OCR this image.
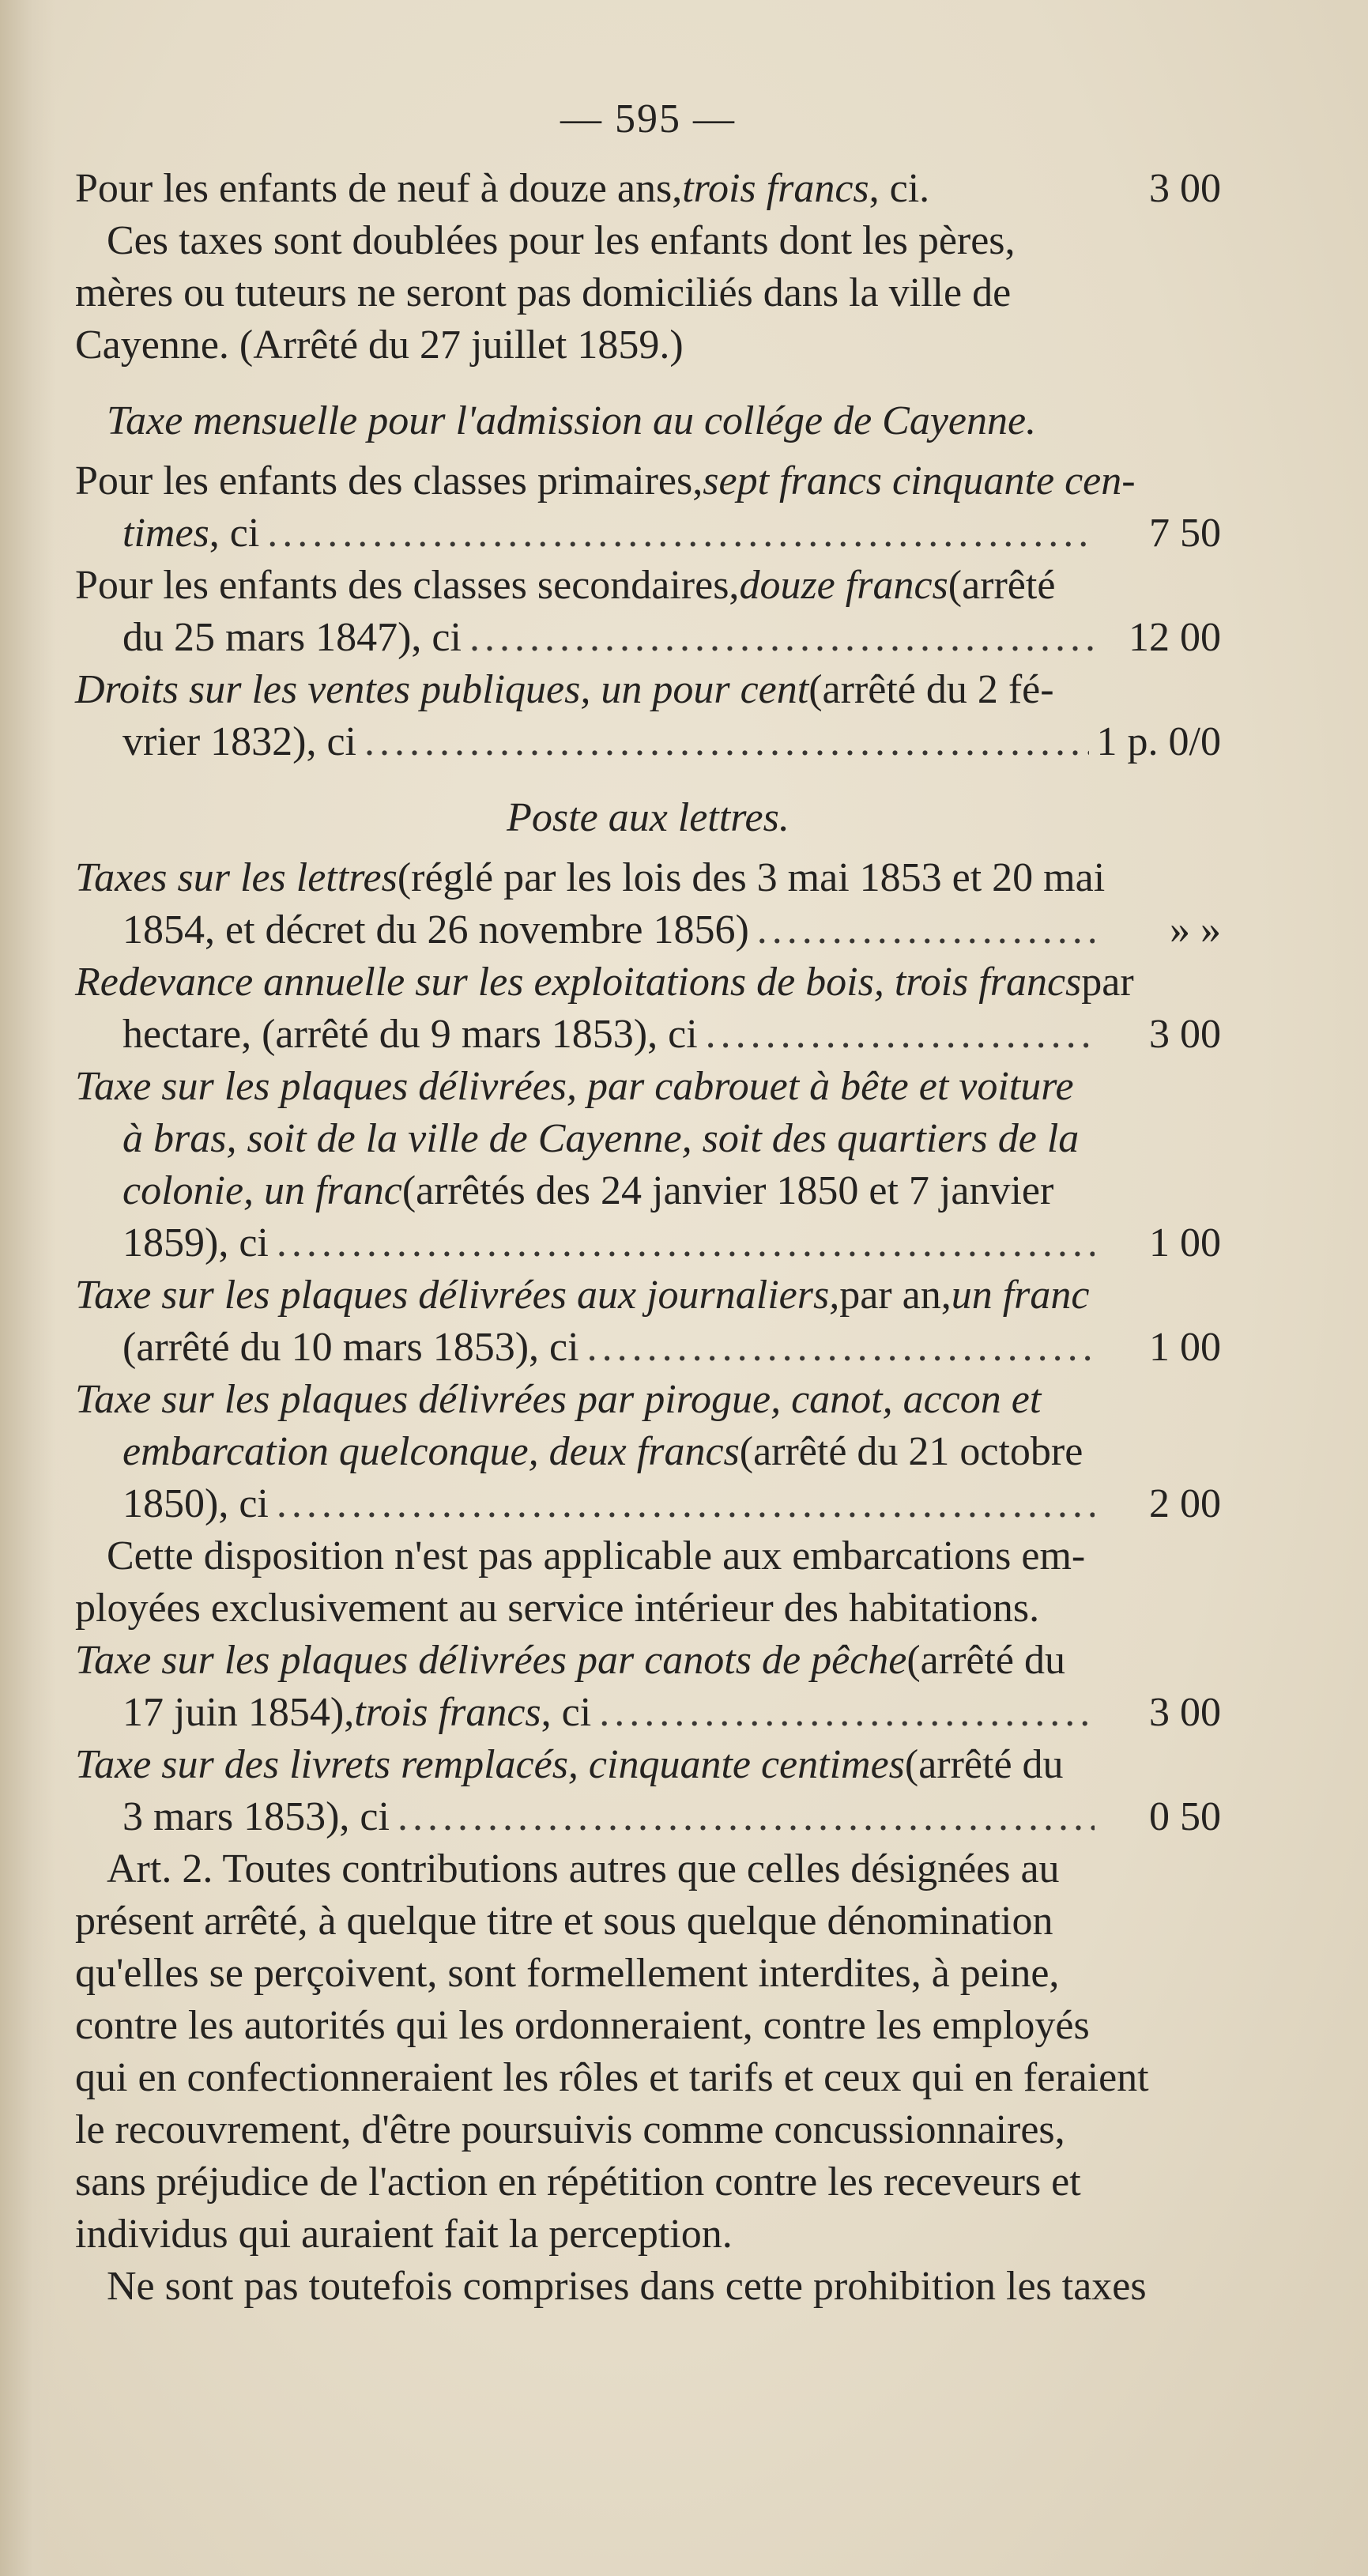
— 595 —
Pour les enfants de neuf à douze ans, trois francs , ci.	3 00
Ces taxes sont doublées pour les enfants dont les pères,
mères ou tuteurs ne seront pas domiciliés dans la ville de
Cayenne. (Arrêté du 27 juillet 1859.)
Taxe mensuelle pour l'admission au collége de Cayenne.
Pour les enfants des classes primaires, sept francs cinquante cen-
times , ci .....	7 50
Pour les enfants des classes secondaires, douze francs (arrêté
du 25 mars 1847), ci .....	12 00
Droits sur les ventes publiques, un pour cent (arrêté du 2 fé-
vrier 1832), ci .....	1 p. 0/0
Poste aux lettres.
Taxes sur les lettres (réglé par les lois des 3 mai 1853 et 20 mai
1854, et décret du 26 novembre 1856) .....	» »
Redevance annuelle sur les exploitations de bois, trois francs par
hectare, (arrêté du 9 mars 1853), ci .....	3 00
Taxe sur les plaques délivrées, par cabrouet à bête et voiture
à bras, soit de la ville de Cayenne, soit des quartiers de la
colonie, un franc (arrêtés des 24 janvier 1850 et 7 janvier
1859), ci .....	1 00
Taxe sur les plaques délivrées aux journaliers, par an, un franc
(arrêté du 10 mars 1853), ci .....	1 00
Taxe sur les plaques délivrées par pirogue, canot, accon et
embarcation quelconque, deux francs (arrêté du 21 octobre
1850), ci .....	2 00
Cette disposition n'est pas applicable aux embarcations em-
ployées exclusivement au service intérieur des habitations.
Taxe sur les plaques délivrées par canots de pêche (arrêté du
17 juin 1854), trois francs , ci .....	3 00
Taxe sur des livrets remplacés, cinquante centimes (arrêté du
3 mars 1853), ci .....	0 50
Art. 2. Toutes contributions autres que celles désignées au
présent arrêté, à quelque titre et sous quelque dénomination
qu'elles se perçoivent, sont formellement interdites, à peine,
contre les autorités qui les ordonneraient, contre les employés
qui en confectionneraient les rôles et tarifs et ceux qui en feraient
le recouvrement, d'être poursuivis comme concussionnaires,
sans préjudice de l'action en répétition contre les receveurs et
individus qui auraient fait la perception.
Ne sont pas toutefois comprises dans cette prohibition les taxes
